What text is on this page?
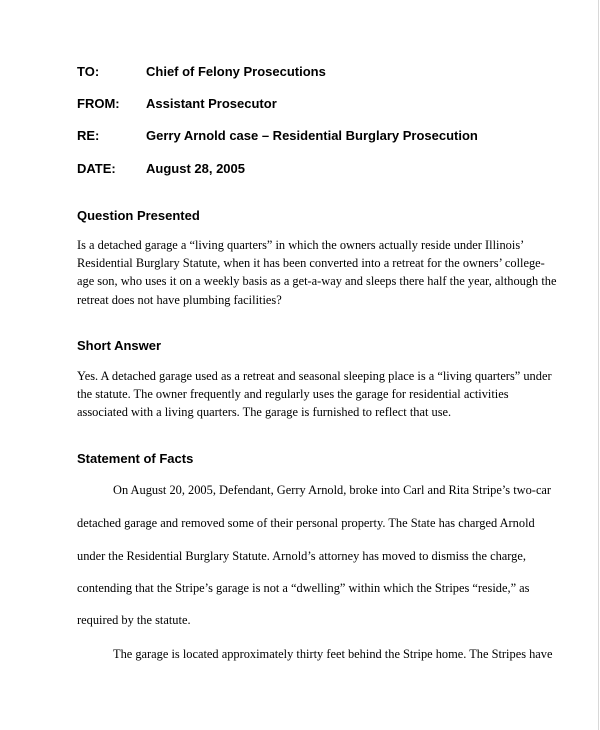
TO:	Chief of Felony Prosecutions
FROM: Assistant Prosecutor
RE:	Gerry Arnold case – Residential Burglary Prosecution
DATE: August 28, 2005
Question Presented
Is a detached garage a “living quarters” in which the owners actually reside under Illinois’
Residential Burglary Statute, when it has been converted into a retreat for the owners’ college-
age son, who uses it on a weekly basis as a get-a-way and sleeps there half the year, although the
retreat does not have plumbing facilities?
Short Answer
Yes. A detached garage used as a retreat and seasonal sleeping place is a “living quarters” under
the statute. The owner frequently and regularly uses the garage for residential activities
associated with a living quarters. The garage is furnished to reflect that use.
Statement of Facts
On August 20, 2005, Defendant, Gerry Arnold, broke into Carl and Rita Stripe’s two-car
detached garage and removed some of their personal property. The State has charged Arnold
under the Residential Burglary Statute. Arnold’s attorney has moved to dismiss the charge,
contending that the Stripe’s garage is not a “dwelling” within which the Stripes “reside,” as
required by the statute.
The garage is located approximately thirty feet behind the Stripe home. The Stripes have
